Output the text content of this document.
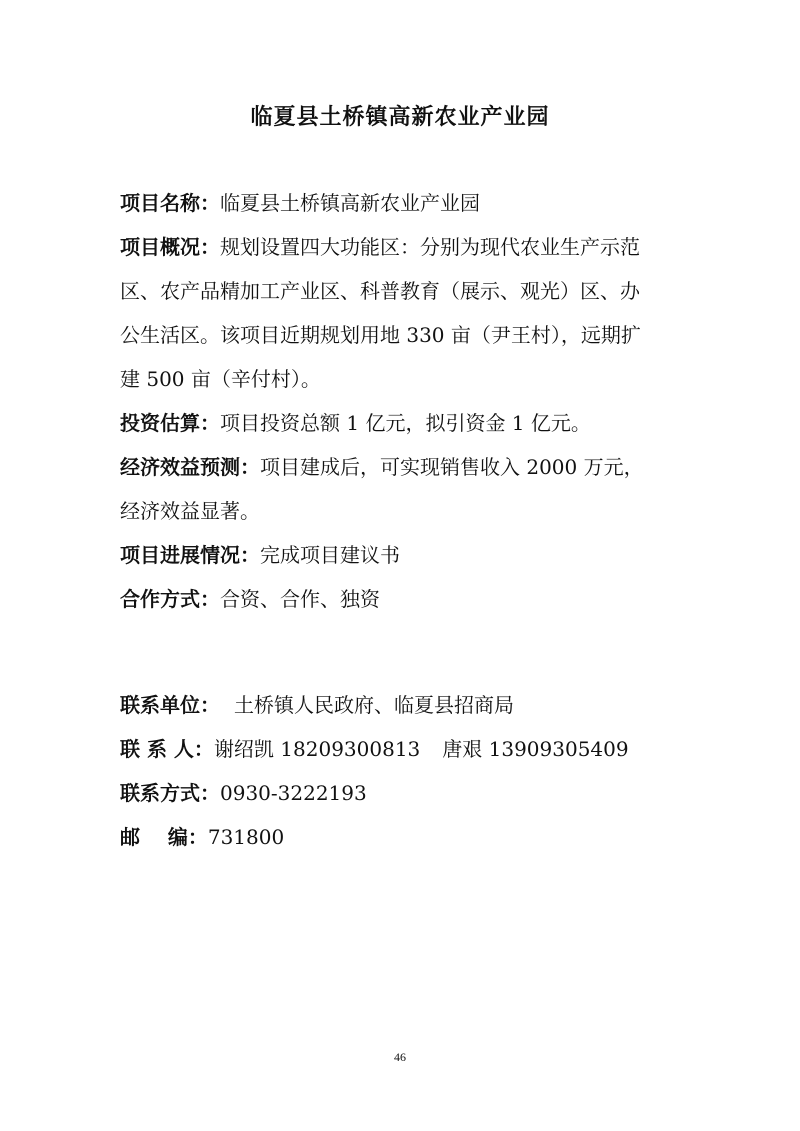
临夏县土桥镇高新农业产业园

项目名称：临夏县土桥镇高新农业产业园

项目概况：规划设置四大功能区：分别为现代农业生产示范

区、农产品精加工产业区、科普教育（展示、观光）区、办

公生活区。该项目近期规划用地 330 亩（尹王村），远期扩

建 500 亩（辛付村）。

投资估算：项目投资总额 1 亿元，拟引资金 1 亿元。

经济效益预测：项目建成后，可实现销售收入 2000 万元，

经济效益显著。

项目进展情况：完成项目建议书

合作方式：合资、合作、独资

联系单位： 土桥镇人民政府、临夏县招商局

联 系 人：谢绍凯 18209300813 唐艰 13909305409

联系方式：0930-3222193

邮    编：731800

46
